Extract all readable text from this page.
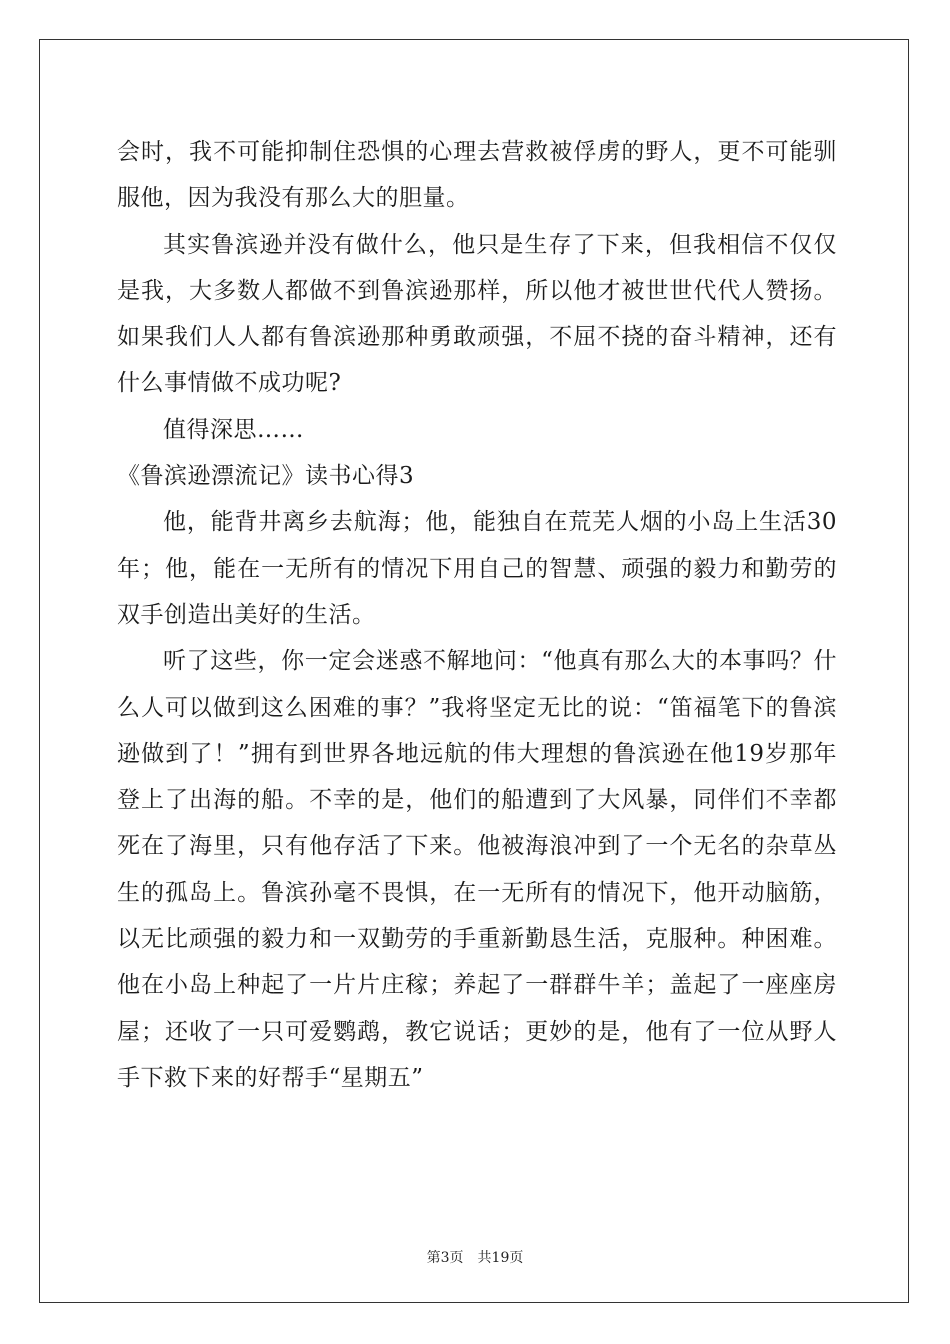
会时，我不可能抑制住恐惧的心理去营救被俘虏的野人，更不可能驯服他，因为我没有那么大的胆量。

其实鲁滨逊并没有做什么，他只是生存了下来，但我相信不仅仅是我，大多数人都做不到鲁滨逊那样，所以他才被世世代代人赞扬。如果我们人人都有鲁滨逊那种勇敢顽强，不屈不挠的奋斗精神，还有什么事情做不成功呢?

值得深思……

《鲁滨逊漂流记》读书心得3

他，能背井离乡去航海；他，能独自在荒芜人烟的小岛上生活30年；他，能在一无所有的情况下用自己的智慧、顽强的毅力和勤劳的双手创造出美好的生活。

听了这些，你一定会迷惑不解地问：“他真有那么大的本事吗？什么人可以做到这么困难的事？”我将坚定无比的说：“笛福笔下的鲁滨逊做到了！”拥有到世界各地远航的伟大理想的鲁滨逊在他19岁那年登上了出海的船。不幸的是，他们的船遭到了大风暴，同伴们不幸都死在了海里，只有他存活了下来。他被海浪冲到了一个无名的杂草丛生的孤岛上。鲁滨孙毫不畏惧，在一无所有的情况下，他开动脑筋，以无比顽强的毅力和一双勤劳的手重新勤恳生活，克服种。种困难。他在小岛上种起了一片片庄稼；养起了一群群牛羊；盖起了一座座房屋；还收了一只可爱鹦鹉，教它说话；更妙的是，他有了一位从野人手下救下来的好帮手“星期五”

第3页 共19页
